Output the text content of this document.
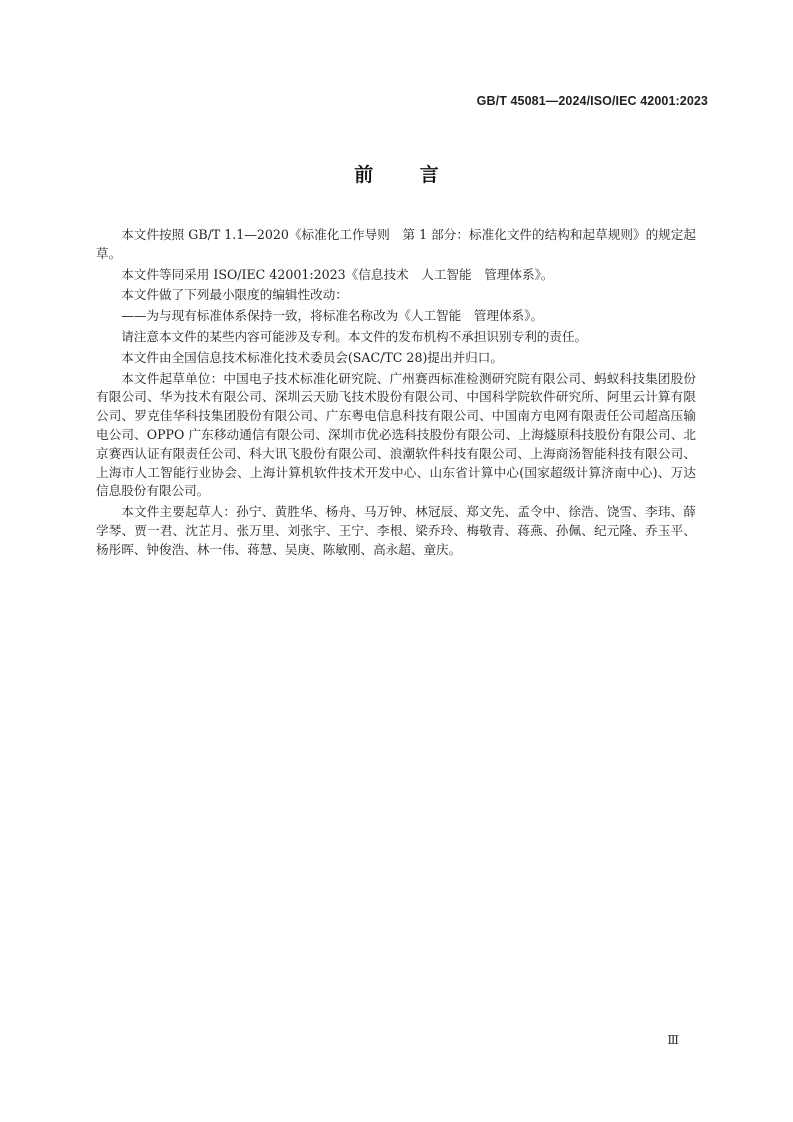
GB/T 45081—2024/ISO/IEC 42001:2023
前 言

本文件按照 GB/T 1.1—2020《标准化工作导则　第 1 部分：标准化文件的结构和起草规则》的规定起草。

本文件等同采用 ISO/IEC 42001:2023《信息技术　人工智能　管理体系》。

本文件做了下列最小限度的编辑性改动：

——为与现有标准体系保持一致，将标准名称改为《人工智能　管理体系》。

请注意本文件的某些内容可能涉及专利。本文件的发布机构不承担识别专利的责任。

本文件由全国信息技术标准化技术委员会(SAC/TC 28)提出并归口。

本文件起草单位：中国电子技术标准化研究院、广州赛西标准检测研究院有限公司、蚂蚁科技集团股份有限公司、华为技术有限公司、深圳云天励飞技术股份有限公司、中国科学院软件研究所、阿里云计算有限公司、罗克佳华科技集团股份有限公司、广东粤电信息科技有限公司、中国南方电网有限责任公司超高压输电公司、OPPO 广东移动通信有限公司、深圳市优必选科技股份有限公司、上海燧原科技股份有限公司、北京赛西认证有限责任公司、科大讯飞股份有限公司、浪潮软件科技有限公司、上海商汤智能科技有限公司、上海市人工智能行业协会、上海计算机软件技术开发中心、山东省计算中心(国家超级计算济南中心)、万达信息股份有限公司。

本文件主要起草人：孙宁、黄胜华、杨舟、马万钟、林冠辰、郑文先、孟令中、徐浩、饶雪、李玮、薛学琴、贾一君、沈芷月、张万里、刘张宇、王宁、李根、梁乔玲、梅敬青、蒋燕、孙佩、纪元隆、乔玉平、杨彤晖、钟俊浩、林一伟、蒋慧、吴庚、陈敏刚、高永超、童庆。

Ⅲ
